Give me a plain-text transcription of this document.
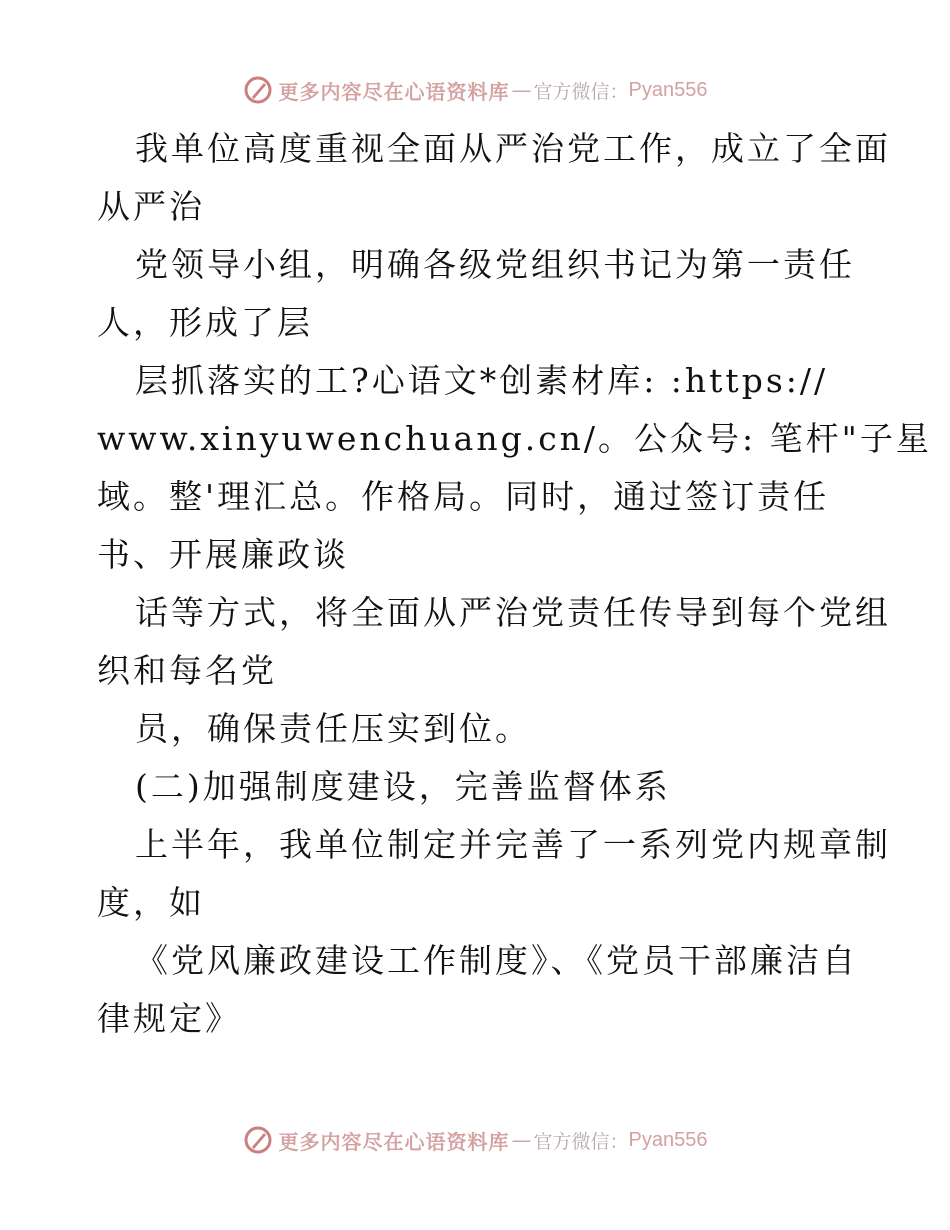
更多内容尽在心语资料库 — 官方微信： Pyan556
我单位高度重视全面从严治党工作，成立了全面
从严治
党领导小组，明确各级党组织书记为第一责任
人，形成了层
层抓落实的工?心语文*创素材库: :https://
www.xinyuwenchuang.cn/。公众号: 笔杆"子星
域。整'理汇总。作格局。同时，通过签订责任
书、开展廉政谈
话等方式，将全面从严治党责任传导到每个党组
织和每名党
员，确保责任压实到位。
(二)加强制度建设，完善监督体系
上半年，我单位制定并完善了一系列党内规章制
度，如
《党风廉政建设工作制度》、《党员干部廉洁自
律规定》
更多内容尽在心语资料库 — 官方微信： Pyan556
